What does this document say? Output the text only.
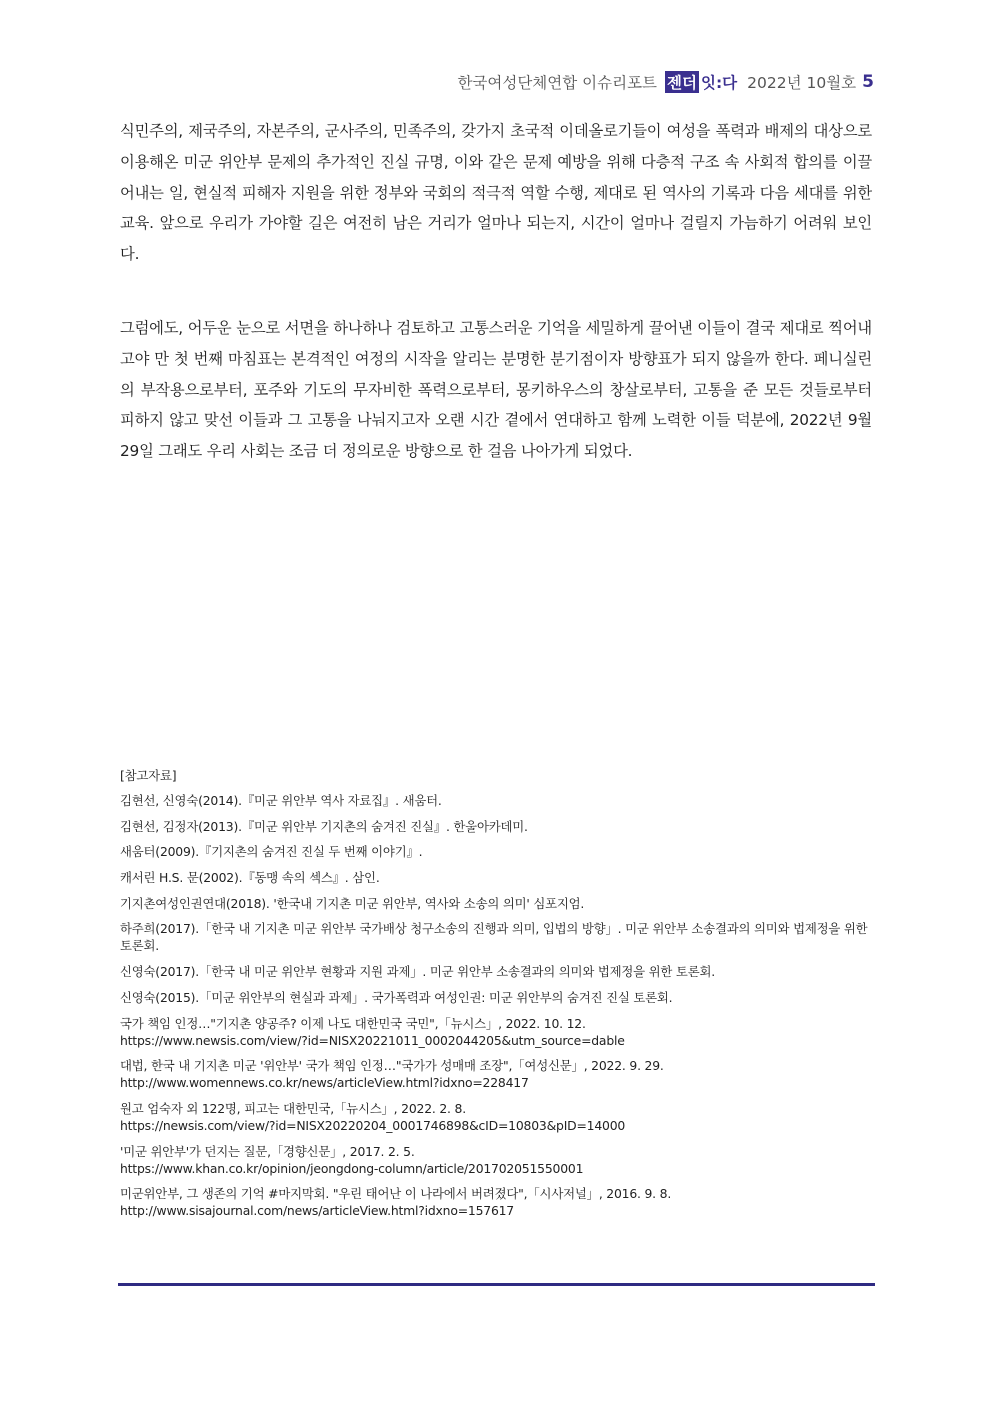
한국여성단체연합 이슈리포트 젠더 잇:다 2022년 10월호 5
식민주의, 제국주의, 자본주의, 군사주의, 민족주의, 갖가지 초국적 이데올로기들이 여성을 폭력과 배제의 대상으로 이용해온 미군 위안부 문제의 추가적인 진실 규명, 이와 같은 문제 예방을 위해 다층적 구조 속 사회적 합의를 이끌어내는 일, 현실적 피해자 지원을 위한 정부와 국회의 적극적 역할 수행, 제대로 된 역사의 기록과 다음 세대를 위한 교육. 앞으로 우리가 가야할 길은 여전히 남은 거리가 얼마나 되는지, 시간이 얼마나 걸릴지 가늠하기 어려워 보인다.
그럼에도, 어두운 눈으로 서면을 하나하나 검토하고 고통스러운 기억을 세밀하게 끌어낸 이들이 결국 제대로 찍어내고야 만 첫 번째 마침표는 본격적인 여정의 시작을 알리는 분명한 분기점이자 방향표가 되지 않을까 한다. 페니실린의 부작용으로부터, 포주와 기도의 무자비한 폭력으로부터, 몽키하우스의 창살로부터, 고통을 준 모든 것들로부터 피하지 않고 맞선 이들과 그 고통을 나눠지고자 오랜 시간 곁에서 연대하고 함께 노력한 이들 덕분에, 2022년 9월 29일 그래도 우리 사회는 조금 더 정의로운 방향으로 한 걸음 나아가게 되었다.
[참고자료]
김현선, 신영숙(2014).『미군 위안부 역사 자료집』. 새움터.
김현선, 김정자(2013).『미군 위안부 기지촌의 숨겨진 진실』. 한울아카데미.
새움터(2009).『기지촌의 숨겨진 진실 두 번째 이야기』.
캐서린 H.S. 문(2002).『동맹 속의 섹스』. 삼인.
기지촌여성인권연대(2018). '한국내 기지촌 미군 위안부, 역사와 소송의 의미' 심포지엄.
하주희(2017).「한국 내 기지촌 미군 위안부 국가배상 청구소송의 진행과 의미, 입법의 방향」. 미군 위안부 소송결과의 의미와 법제정을 위한
토론회.
신영숙(2017).「한국 내 미군 위안부 현황과 지원 과제」. 미군 위안부 소송결과의 의미와 법제정을 위한 토론회.
신영숙(2015).「미군 위안부의 현실과 과제」. 국가폭력과 여성인권: 미군 위안부의 숨겨진 진실 토론회.
국가 책임 인정…"기지촌 양공주? 이제 나도 대한민국 국민",「뉴시스」, 2022. 10. 12.
https://www.newsis.com/view/?id=NISX20221011_0002044205&utm_source=dable
대법, 한국 내 기지촌 미군 '위안부' 국가 책임 인정…"국가가 성매매 조장",「여성신문」, 2022. 9. 29.
http://www.womennews.co.kr/news/articleView.html?idxno=228417
원고 엄숙자 외 122명, 피고는 대한민국,「뉴시스」, 2022. 2. 8.
https://newsis.com/view/?id=NISX20220204_0001746898&cID=10803&pID=14000
'미군 위안부'가 던지는 질문,「경향신문」, 2017. 2. 5.
https://www.khan.co.kr/opinion/jeongdong-column/article/201702051550001
미군위안부, 그 생존의 기억 #마지막회. "우린 태어난 이 나라에서 버려졌다",「시사저널」, 2016. 9. 8.
http://www.sisajournal.com/news/articleView.html?idxno=157617
